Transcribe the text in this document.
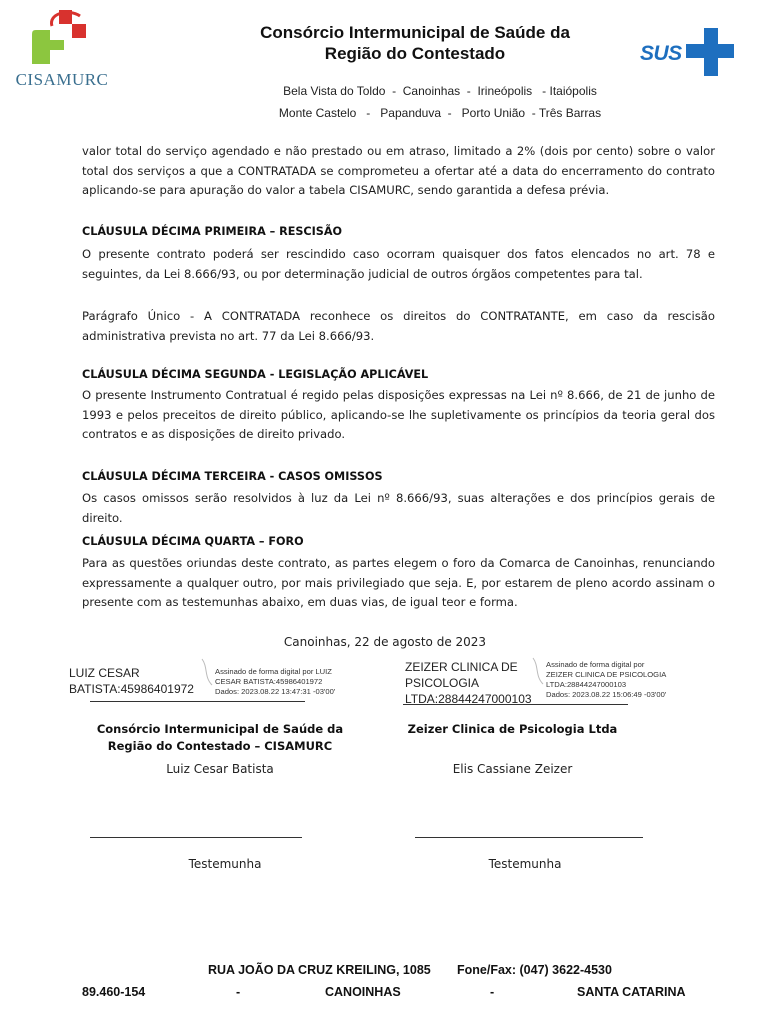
CISAMURC
Consórcio Intermunicipal de Saúde da
Região do Contestado	SUS
Bela Vista do Toldo  -  Canoinhas  -  Irineópolis   - Itaiópolis
Monte Castelo   -   Papanduva  -   Porto União  - Três Barras
valor total do serviço agendado e não prestado ou em atraso, limitado a 2% (dois por cento) sobre o valor total dos serviços a que a CONTRATADA se comprometeu a ofertar até a data do encerramento do contrato aplicando-se para apuração do valor a tabela CISAMURC, sendo garantida a defesa prévia.
CLÁUSULA DÉCIMA PRIMEIRA – RESCISÃO
O presente contrato poderá ser rescindido caso ocorram quaisquer dos fatos elencados no art. 78 e seguintes, da Lei 8.666/93, ou por determinação judicial de outros órgãos competentes para tal.
Parágrafo Único - A CONTRATADA reconhece os direitos do CONTRATANTE, em caso da rescisão administrativa prevista no art. 77 da Lei 8.666/93.
CLÁUSULA DÉCIMA SEGUNDA - LEGISLAÇÃO APLICÁVEL
O presente Instrumento Contratual é regido pelas disposições expressas na Lei nº 8.666, de 21 de junho de 1993 e pelos preceitos de direito público, aplicando-se lhe supletivamente os princípios da teoria geral dos contratos e as disposições de direito privado.
CLÁUSULA DÉCIMA TERCEIRA - CASOS OMISSOS
Os casos omissos serão resolvidos à luz da Lei nº 8.666/93, suas alterações e dos princípios gerais de direito.
CLÁUSULA DÉCIMA QUARTA – FORO
Para as questões oriundas deste contrato, as partes elegem o foro da Comarca de Canoinhas, renunciando expressamente a qualquer outro, por mais privilegiado que seja. E, por estarem de pleno acordo assinam o presente com as testemunhas abaixo, em duas vias, de igual teor e forma.
Canoinhas, 22 de agosto de 2023
LUIZ CESAR
BATISTA:45986401972
Assinado de forma digital por LUIZ
CESAR BATISTA:45986401972
Dados: 2023.08.22 13:47:31 -03'00'
ZEIZER CLINICA DE
PSICOLOGIA
LTDA:28844247000103
Assinado de forma digital por
ZEIZER CLINICA DE PSICOLOGIA
LTDA:28844247000103
Dados: 2023.08.22 15:06:49 -03'00'
Consórcio Intermunicipal de Saúde da
Região do Contestado – CISAMURC
Zeizer Clinica de Psicologia Ltda
Luiz Cesar Batista	Elis Cassiane Zeizer
Testemunha	Testemunha
RUA JOÃO DA CRUZ KREILING, 1085 Fone/Fax: (047) 3622-4530
89.460-154	-	CANOINHAS	-	SANTA CATARINA
